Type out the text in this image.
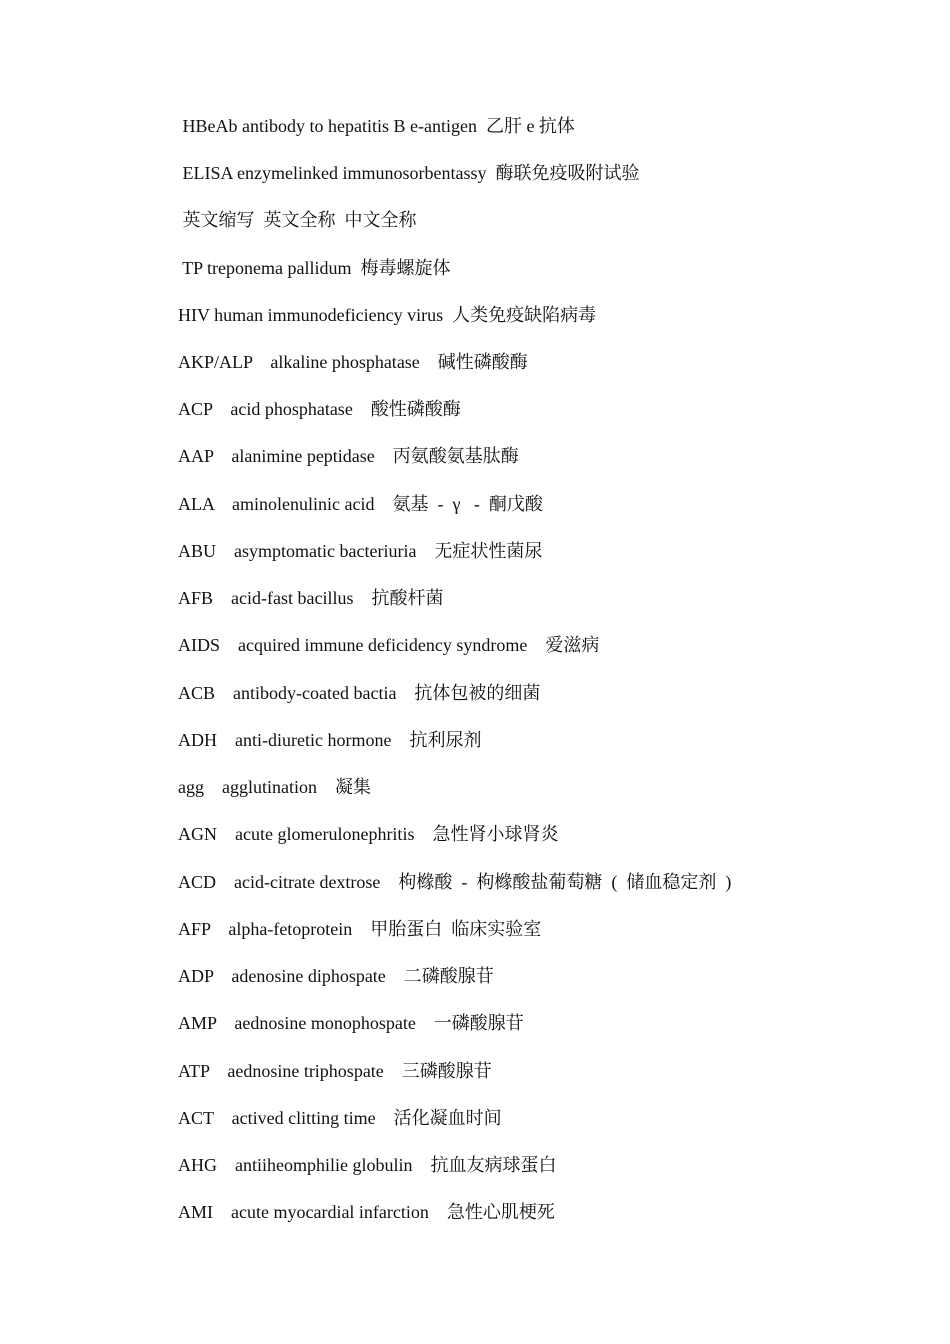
HBeAb antibody to hepatitis B e-antigen  乙肝 e 抗体
ELISA enzymelinked immunosorbentassy  酶联免疫吸附试验
英文缩写  英文全称  中文全称
TP treponema pallidum  梅毒螺旋体
HIV human immunodeficiency virus  人类免疫缺陷病毒
AKP/ALP    alkaline phosphatase    碱性磷酸酶
ACP    acid phosphatase    酸性磷酸酶
AAP    alanimine peptidase    丙氨酸氨基肽酶
ALA    aminolenulinic acid    氨基  -  γ   -  酮戊酸
ABU    asymptomatic bacteriuria    无症状性菌尿
AFB    acid-fast bacillus    抗酸杆菌
AIDS    acquired immune deficidency syndrome    爱滋病
ACB    antibody-coated bactia    抗体包被的细菌
ADH    anti-diuretic hormone    抗利尿剂
agg    agglutination    凝集
AGN    acute glomerulonephritis    急性肾小球肾炎
ACD    acid-citrate dextrose    枸橼酸  -  枸橼酸盐葡萄糖  (  储血稳定剂  )
AFP    alpha-fetoprotein    甲胎蛋白  临床实验室
ADP    adenosine diphospate    二磷酸腺苷
AMP    aednosine monophospate    一磷酸腺苷
ATP    aednosine triphospate    三磷酸腺苷
ACT    actived clitting time    活化凝血时间
AHG    antiiheomphilie globulin    抗血友病球蛋白
AMI    acute myocardial infarction    急性心肌梗死
